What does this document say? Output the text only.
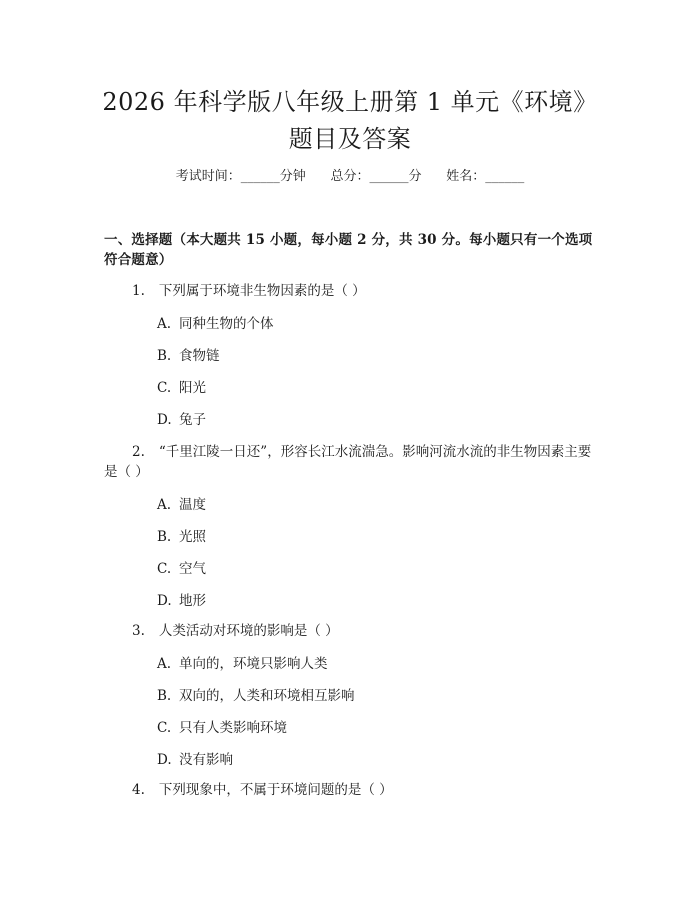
2026 年科学版八年级上册第 1 单元《环境》
题目及答案
考试时间：______分钟      总分：______分      姓名：______
一、选择题（本大题共 15 小题，每小题 2 分，共 30 分。每小题只有一个选项符合题意）
1. 下列属于环境非生物因素的是（ ）
A. 同种生物的个体
B. 食物链
C. 阳光
D. 兔子
2. “千里江陵一日还”，形容长江水流湍急。影响河流水流的非生物因素主要是（ ）
A. 温度
B. 光照
C. 空气
D. 地形
3. 人类活动对环境的影响是（ ）
A. 单向的，环境只影响人类
B. 双向的，人类和环境相互影响
C. 只有人类影响环境
D. 没有影响
4. 下列现象中，不属于环境问题的是（ ）
